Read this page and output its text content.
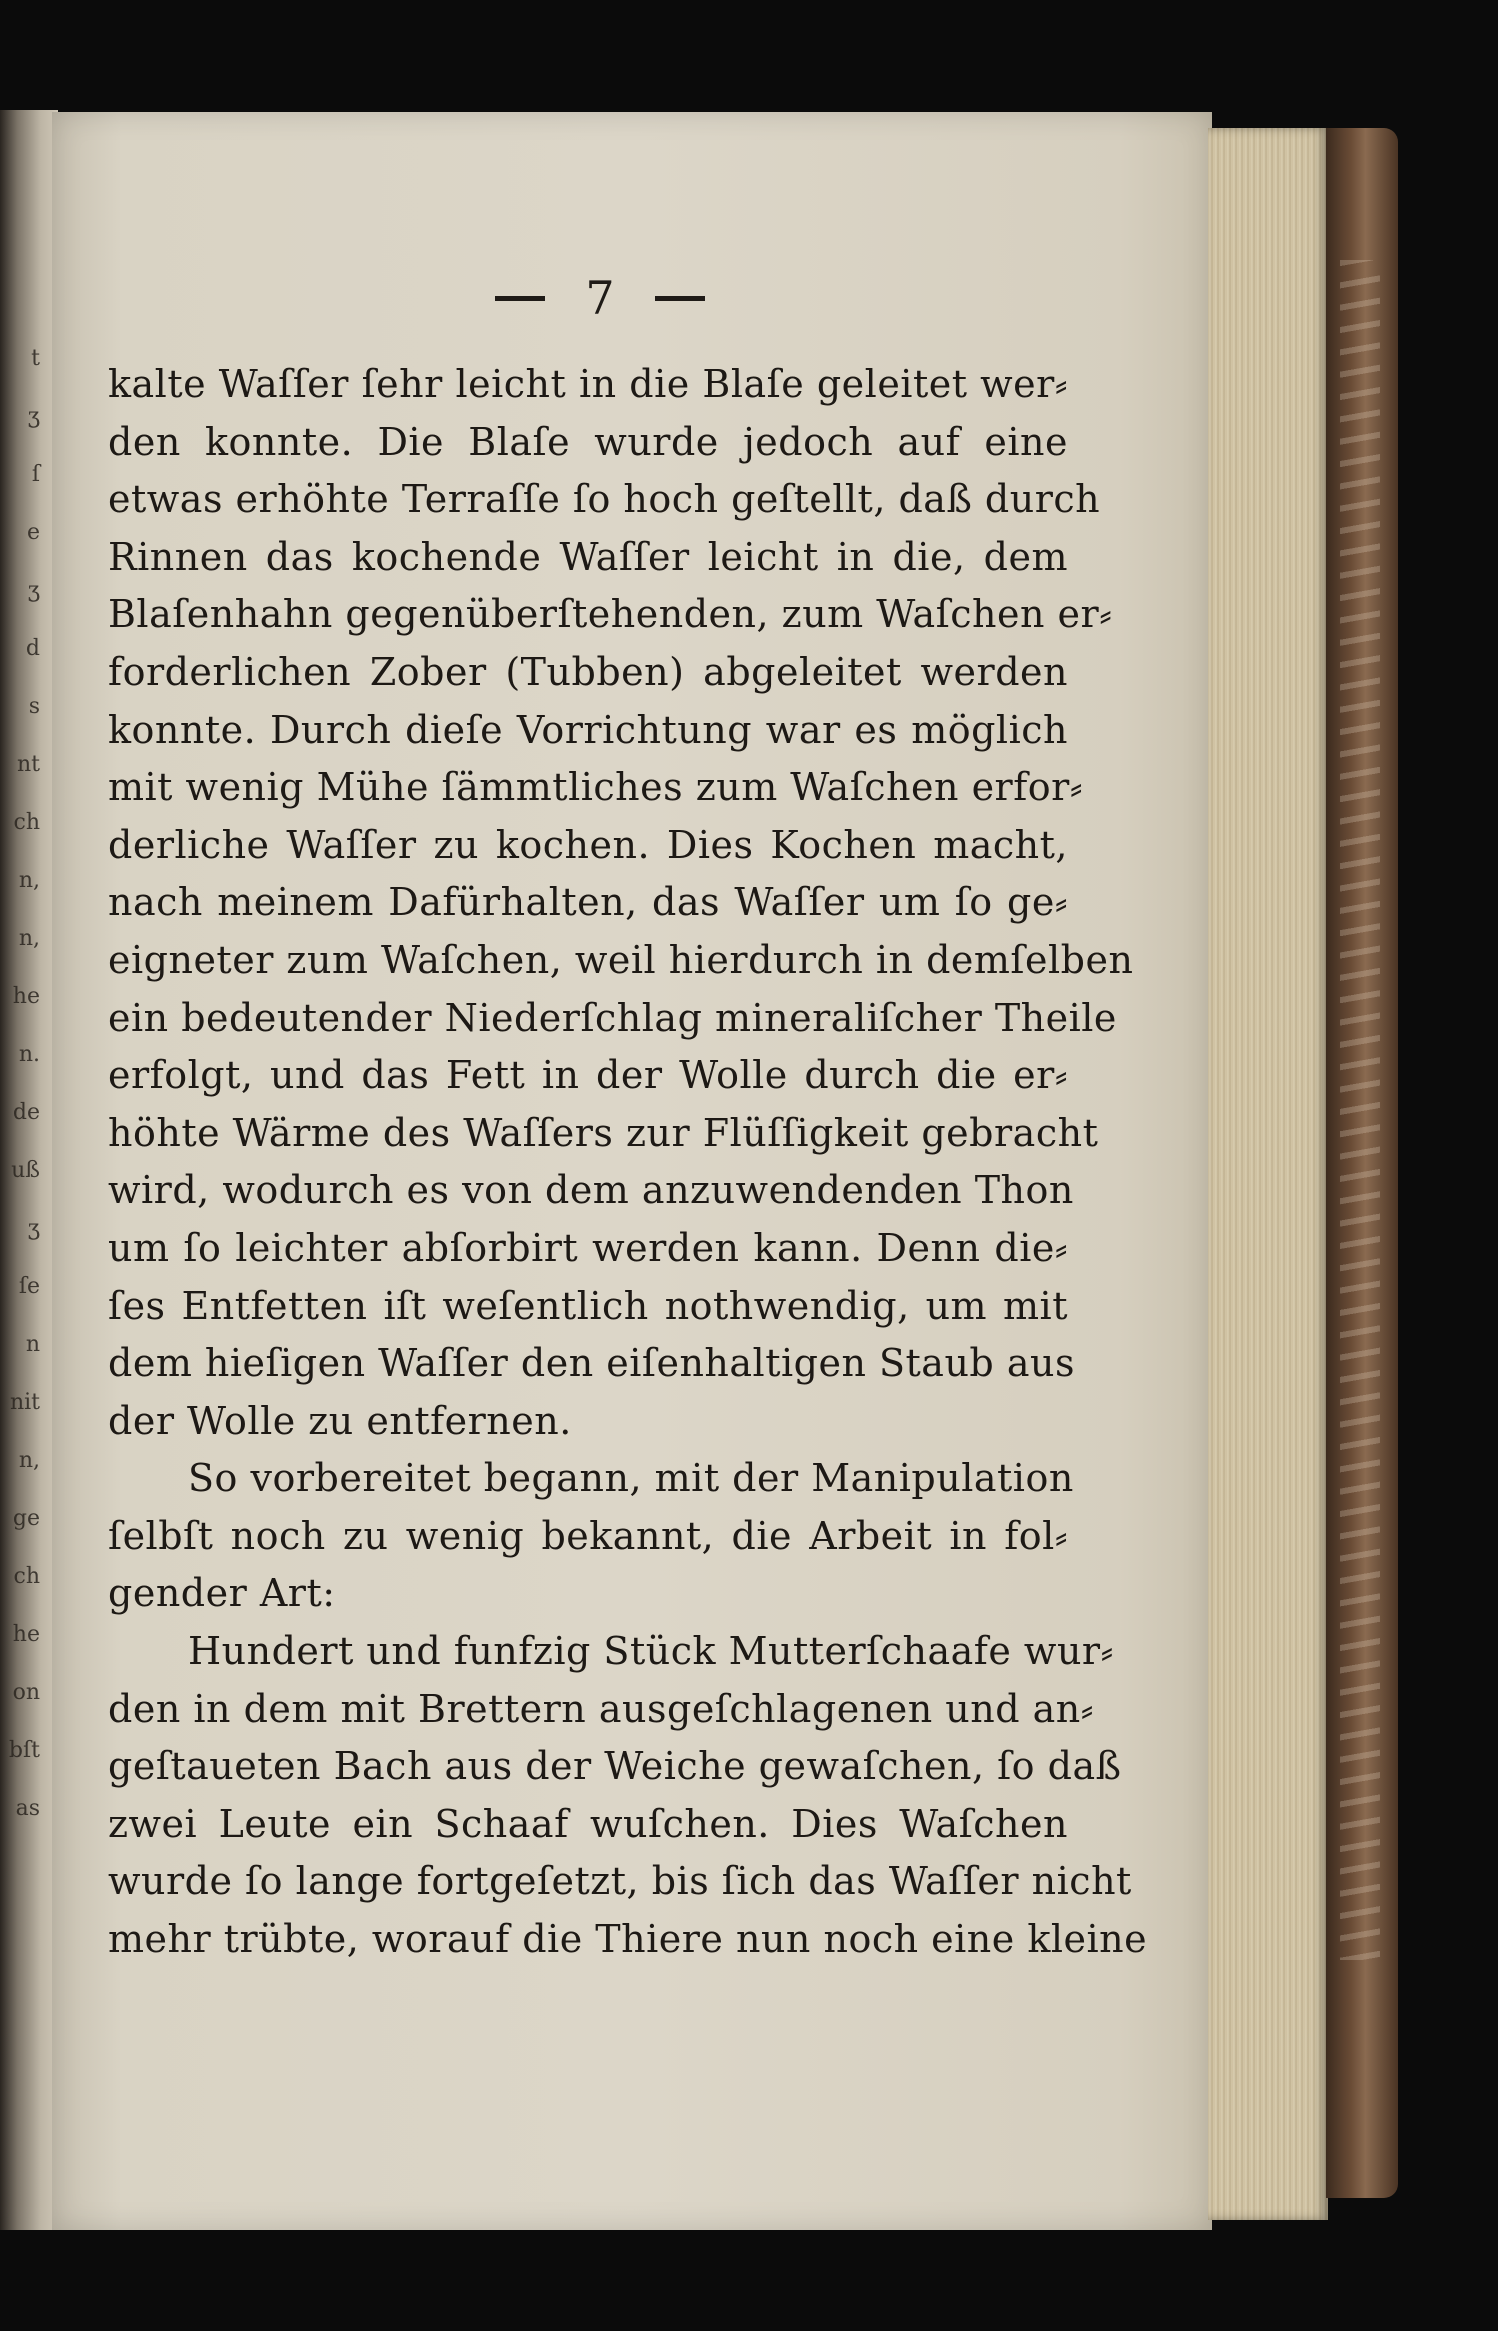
t
ʒ
ſ
e
ʒ
d
s
nt
ch
n,
n,
he
n.
de
uß
ʒ
ſe
n
nit
n,
ge
ch
he
on
bſt
as
7
kalte Waſſer ſehr leicht in die Blaſe geleitet wer⸗
den konnte. Die Blaſe wurde jedoch auf eine
etwas erhöhte Terraſſe ſo hoch geſtellt, daß durch
Rinnen das kochende Waſſer leicht in die, dem
Blaſenhahn gegenüberſtehenden, zum Waſchen er⸗
forderlichen Zober (Tubben) abgeleitet werden
konnte. Durch dieſe Vorrichtung war es möglich
mit wenig Mühe ſämmtliches zum Waſchen erfor⸗
derliche Waſſer zu kochen. Dies Kochen macht,
nach meinem Dafürhalten, das Waſſer um ſo ge⸗
eigneter zum Waſchen, weil hierdurch in demſelben
ein bedeutender Niederſchlag mineraliſcher Theile
erfolgt, und das Fett in der Wolle durch die er⸗
höhte Wärme des Waſſers zur Flüſſigkeit gebracht
wird, wodurch es von dem anzuwendenden Thon
um ſo leichter abſorbirt werden kann. Denn die⸗
ſes Entfetten iſt weſentlich nothwendig, um mit
dem hieſigen Waſſer den eiſenhaltigen Staub aus
der Wolle zu entfernen.
So vorbereitet begann, mit der Manipulation
ſelbſt noch zu wenig bekannt, die Arbeit in fol⸗
gender Art:
Hundert und funfzig Stück Mutterſchaafe wur⸗
den in dem mit Brettern ausgeſchlagenen und an⸗
geſtaueten Bach aus der Weiche gewaſchen, ſo daß
zwei Leute ein Schaaf wuſchen. Dies Waſchen
wurde ſo lange fortgeſetzt, bis ſich das Waſſer nicht
mehr trübte, worauf die Thiere nun noch eine kleine
